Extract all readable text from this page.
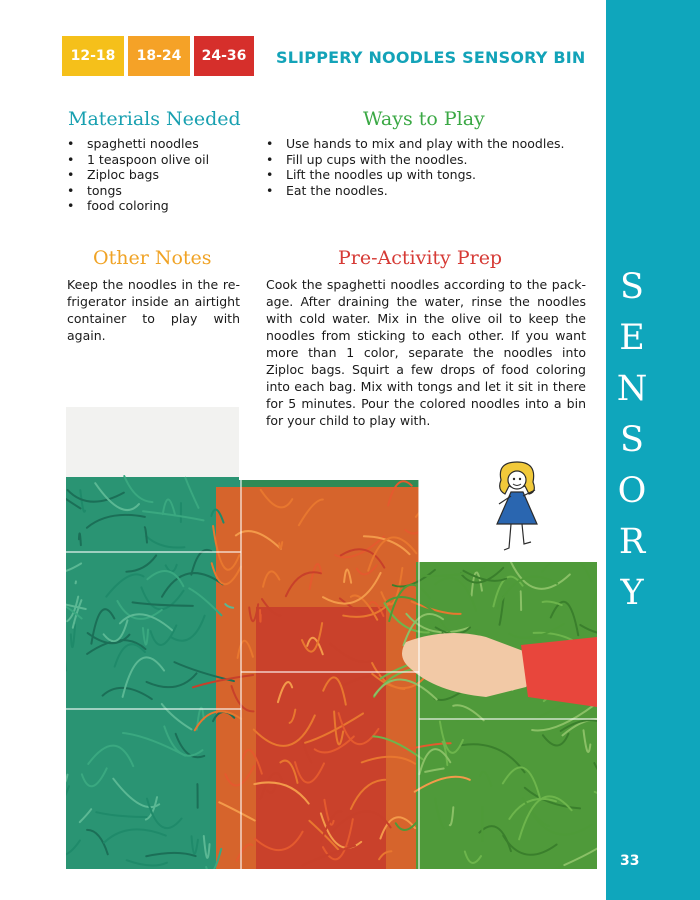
S
E
N
S
O
R
Y
33
12-18	18-24	24-36	SLIPPERY NOODLES SENSORY BIN
Materials Needed
• spaghetti noodles
• 1 teaspoon olive oil
• Ziploc bags
• tongs
• food coloring
Ways to Play
• Use hands to mix and play with the noodles.
• Fill up cups with the noodles.
• Lift the noodles up with tongs.
• Eat the noodles.
Other Notes

Keep the noodles in the refrigerator inside an airtight container to play with again.

Pre-Activity Prep

Cook the spaghetti noodles according to the package. After draining the water, rinse the noodles with cold water. Mix in the olive oil to keep the noodles from sticking to each other. If you want more than 1 color, separate the noodles into Ziploc bags. Squirt a few drops of food coloring into each bag. Mix with tongs and let it sit in there for 5 minutes. Pour the colored noodles into a bin for your child to play with.
